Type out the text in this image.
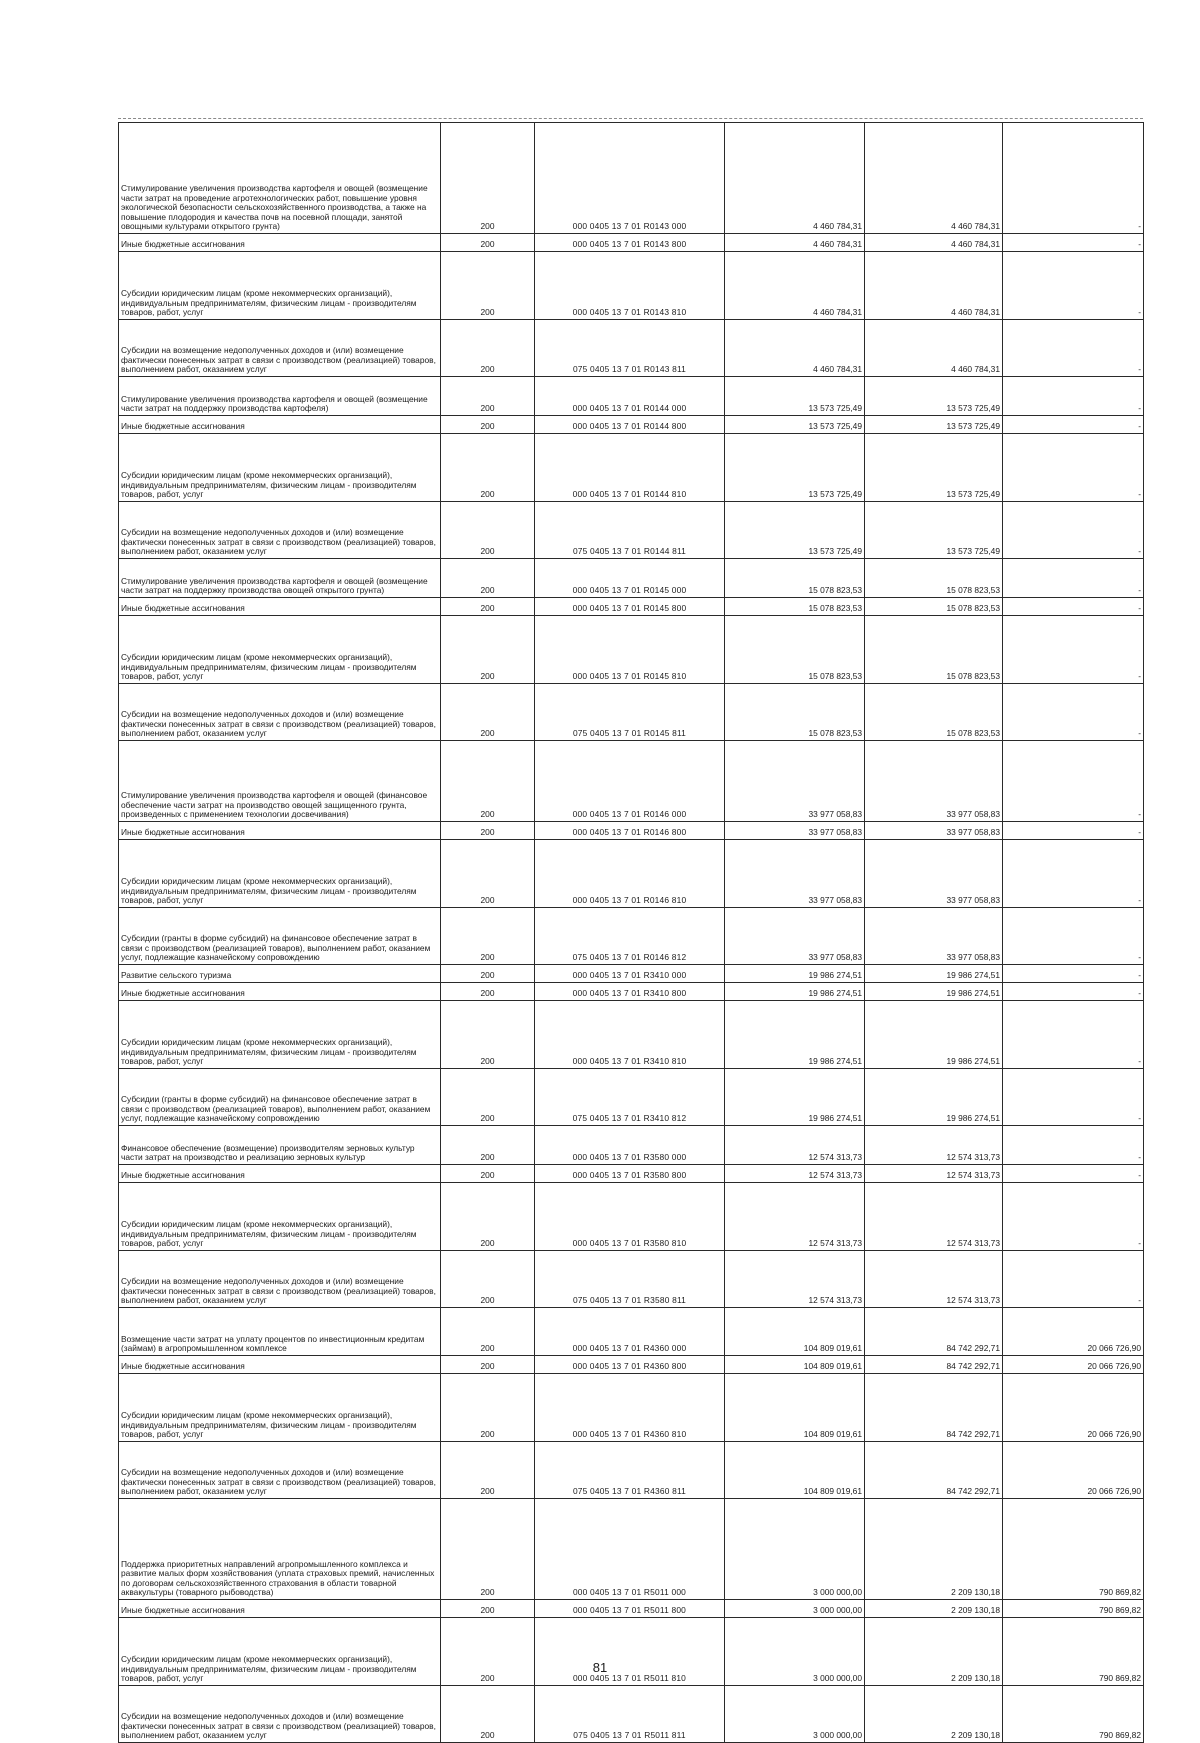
Стимулирование увеличения производства картофеля и овощей (возмещение части затрат на проведение агротехнологических работ, повышение уровня экологической безопасности сельскохозяйственного производства, а также на повышение плодородия и качества почв на посевной площади, занятой овощными культурами открытого грунта)	200	000 0405 13 7 01 R0143 000	4 460 784,31	4 460 784,31	-
Иные бюджетные ассигнования	200	000 0405 13 7 01 R0143 800	4 460 784,31	4 460 784,31	-
Субсидии юридическим лицам (кроме некоммерческих организаций), индивидуальным предпринимателям, физическим лицам - производителям товаров, работ, услуг	200	000 0405 13 7 01 R0143 810	4 460 784,31	4 460 784,31	-
Субсидии на возмещение недополученных доходов и (или) возмещение фактически понесенных затрат в связи с производством (реализацией) товаров, выполнением работ, оказанием услуг	200	075 0405 13 7 01 R0143 811	4 460 784,31	4 460 784,31	-
Стимулирование увеличения производства картофеля и овощей (возмещение части затрат на поддержку производства картофеля)	200	000 0405 13 7 01 R0144 000	13 573 725,49	13 573 725,49	-
Иные бюджетные ассигнования	200	000 0405 13 7 01 R0144 800	13 573 725,49	13 573 725,49	-
Субсидии юридическим лицам (кроме некоммерческих организаций), индивидуальным предпринимателям, физическим лицам - производителям товаров, работ, услуг	200	000 0405 13 7 01 R0144 810	13 573 725,49	13 573 725,49	-
Субсидии на возмещение недополученных доходов и (или) возмещение фактически понесенных затрат в связи с производством (реализацией) товаров, выполнением работ, оказанием услуг	200	075 0405 13 7 01 R0144 811	13 573 725,49	13 573 725,49	-
Стимулирование увеличения производства картофеля и овощей (возмещение части затрат на поддержку производства овощей открытого грунта)	200	000 0405 13 7 01 R0145 000	15 078 823,53	15 078 823,53	-
Иные бюджетные ассигнования	200	000 0405 13 7 01 R0145 800	15 078 823,53	15 078 823,53	-
Субсидии юридическим лицам (кроме некоммерческих организаций), индивидуальным предпринимателям, физическим лицам - производителям товаров, работ, услуг	200	000 0405 13 7 01 R0145 810	15 078 823,53	15 078 823,53	-
Субсидии на возмещение недополученных доходов и (или) возмещение фактически понесенных затрат в связи с производством (реализацией) товаров, выполнением работ, оказанием услуг	200	075 0405 13 7 01 R0145 811	15 078 823,53	15 078 823,53	-
Стимулирование увеличения производства картофеля и овощей (финансовое обеспечение части затрат на производство овощей защищенного грунта, произведенных с применением технологии досвечивания)	200	000 0405 13 7 01 R0146 000	33 977 058,83	33 977 058,83	-
Иные бюджетные ассигнования	200	000 0405 13 7 01 R0146 800	33 977 058,83	33 977 058,83	-
Субсидии юридическим лицам (кроме некоммерческих организаций), индивидуальным предпринимателям, физическим лицам - производителям товаров, работ, услуг	200	000 0405 13 7 01 R0146 810	33 977 058,83	33 977 058,83	-
Субсидии (гранты в форме субсидий) на финансовое обеспечение затрат в связи с производством (реализацией товаров), выполнением работ, оказанием услуг, подлежащие казначейскому сопровождению	200	075 0405 13 7 01 R0146 812	33 977 058,83	33 977 058,83	-
Развитие сельского туризма	200	000 0405 13 7 01 R3410 000	19 986 274,51	19 986 274,51	-
Иные бюджетные ассигнования	200	000 0405 13 7 01 R3410 800	19 986 274,51	19 986 274,51	-
Субсидии юридическим лицам (кроме некоммерческих организаций), индивидуальным предпринимателям, физическим лицам - производителям товаров, работ, услуг	200	000 0405 13 7 01 R3410 810	19 986 274,51	19 986 274,51	-
Субсидии (гранты в форме субсидий) на финансовое обеспечение затрат в связи с производством (реализацией товаров), выполнением работ, оказанием услуг, подлежащие казначейскому сопровождению	200	075 0405 13 7 01 R3410 812	19 986 274,51	19 986 274,51	-
Финансовое обеспечение (возмещение) производителям зерновых культур части затрат на производство и реализацию зерновых культур	200	000 0405 13 7 01 R3580 000	12 574 313,73	12 574 313,73	-
Иные бюджетные ассигнования	200	000 0405 13 7 01 R3580 800	12 574 313,73	12 574 313,73	-
Субсидии юридическим лицам (кроме некоммерческих организаций), индивидуальным предпринимателям, физическим лицам - производителям товаров, работ, услуг	200	000 0405 13 7 01 R3580 810	12 574 313,73	12 574 313,73	-
Субсидии на возмещение недополученных доходов и (или) возмещение фактически понесенных затрат в связи с производством (реализацией) товаров, выполнением работ, оказанием услуг	200	075 0405 13 7 01 R3580 811	12 574 313,73	12 574 313,73	-
Возмещение части затрат на уплату процентов по инвестиционным кредитам (займам) в агропромышленном комплексе	200	000 0405 13 7 01 R4360 000	104 809 019,61	84 742 292,71	20 066 726,90
Иные бюджетные ассигнования	200	000 0405 13 7 01 R4360 800	104 809 019,61	84 742 292,71	20 066 726,90
Субсидии юридическим лицам (кроме некоммерческих организаций), индивидуальным предпринимателям, физическим лицам - производителям товаров, работ, услуг	200	000 0405 13 7 01 R4360 810	104 809 019,61	84 742 292,71	20 066 726,90
Субсидии на возмещение недополученных доходов и (или) возмещение фактически понесенных затрат в связи с производством (реализацией) товаров, выполнением работ, оказанием услуг	200	075 0405 13 7 01 R4360 811	104 809 019,61	84 742 292,71	20 066 726,90
Поддержка приоритетных направлений агропромышленного комплекса и развитие малых форм хозяйствования (уплата страховых премий, начисленных по договорам сельскохозяйственного страхования в области товарной аквакультуры (товарного рыбоводства)	200	000 0405 13 7 01 R5011 000	3 000 000,00	2 209 130,18	790 869,82
Иные бюджетные ассигнования	200	000 0405 13 7 01 R5011 800	3 000 000,00	2 209 130,18	790 869,82
Субсидии юридическим лицам (кроме некоммерческих организаций), индивидуальным предпринимателям, физическим лицам - производителям товаров, работ, услуг	200	000 0405 13 7 01 R5011 810	3 000 000,00	2 209 130,18	790 869,82
Субсидии на возмещение недополученных доходов и (или) возмещение фактически понесенных затрат в связи с производством (реализацией) товаров, выполнением работ, оказанием услуг	200	075 0405 13 7 01 R5011 811	3 000 000,00	2 209 130,18	790 869,82
81
